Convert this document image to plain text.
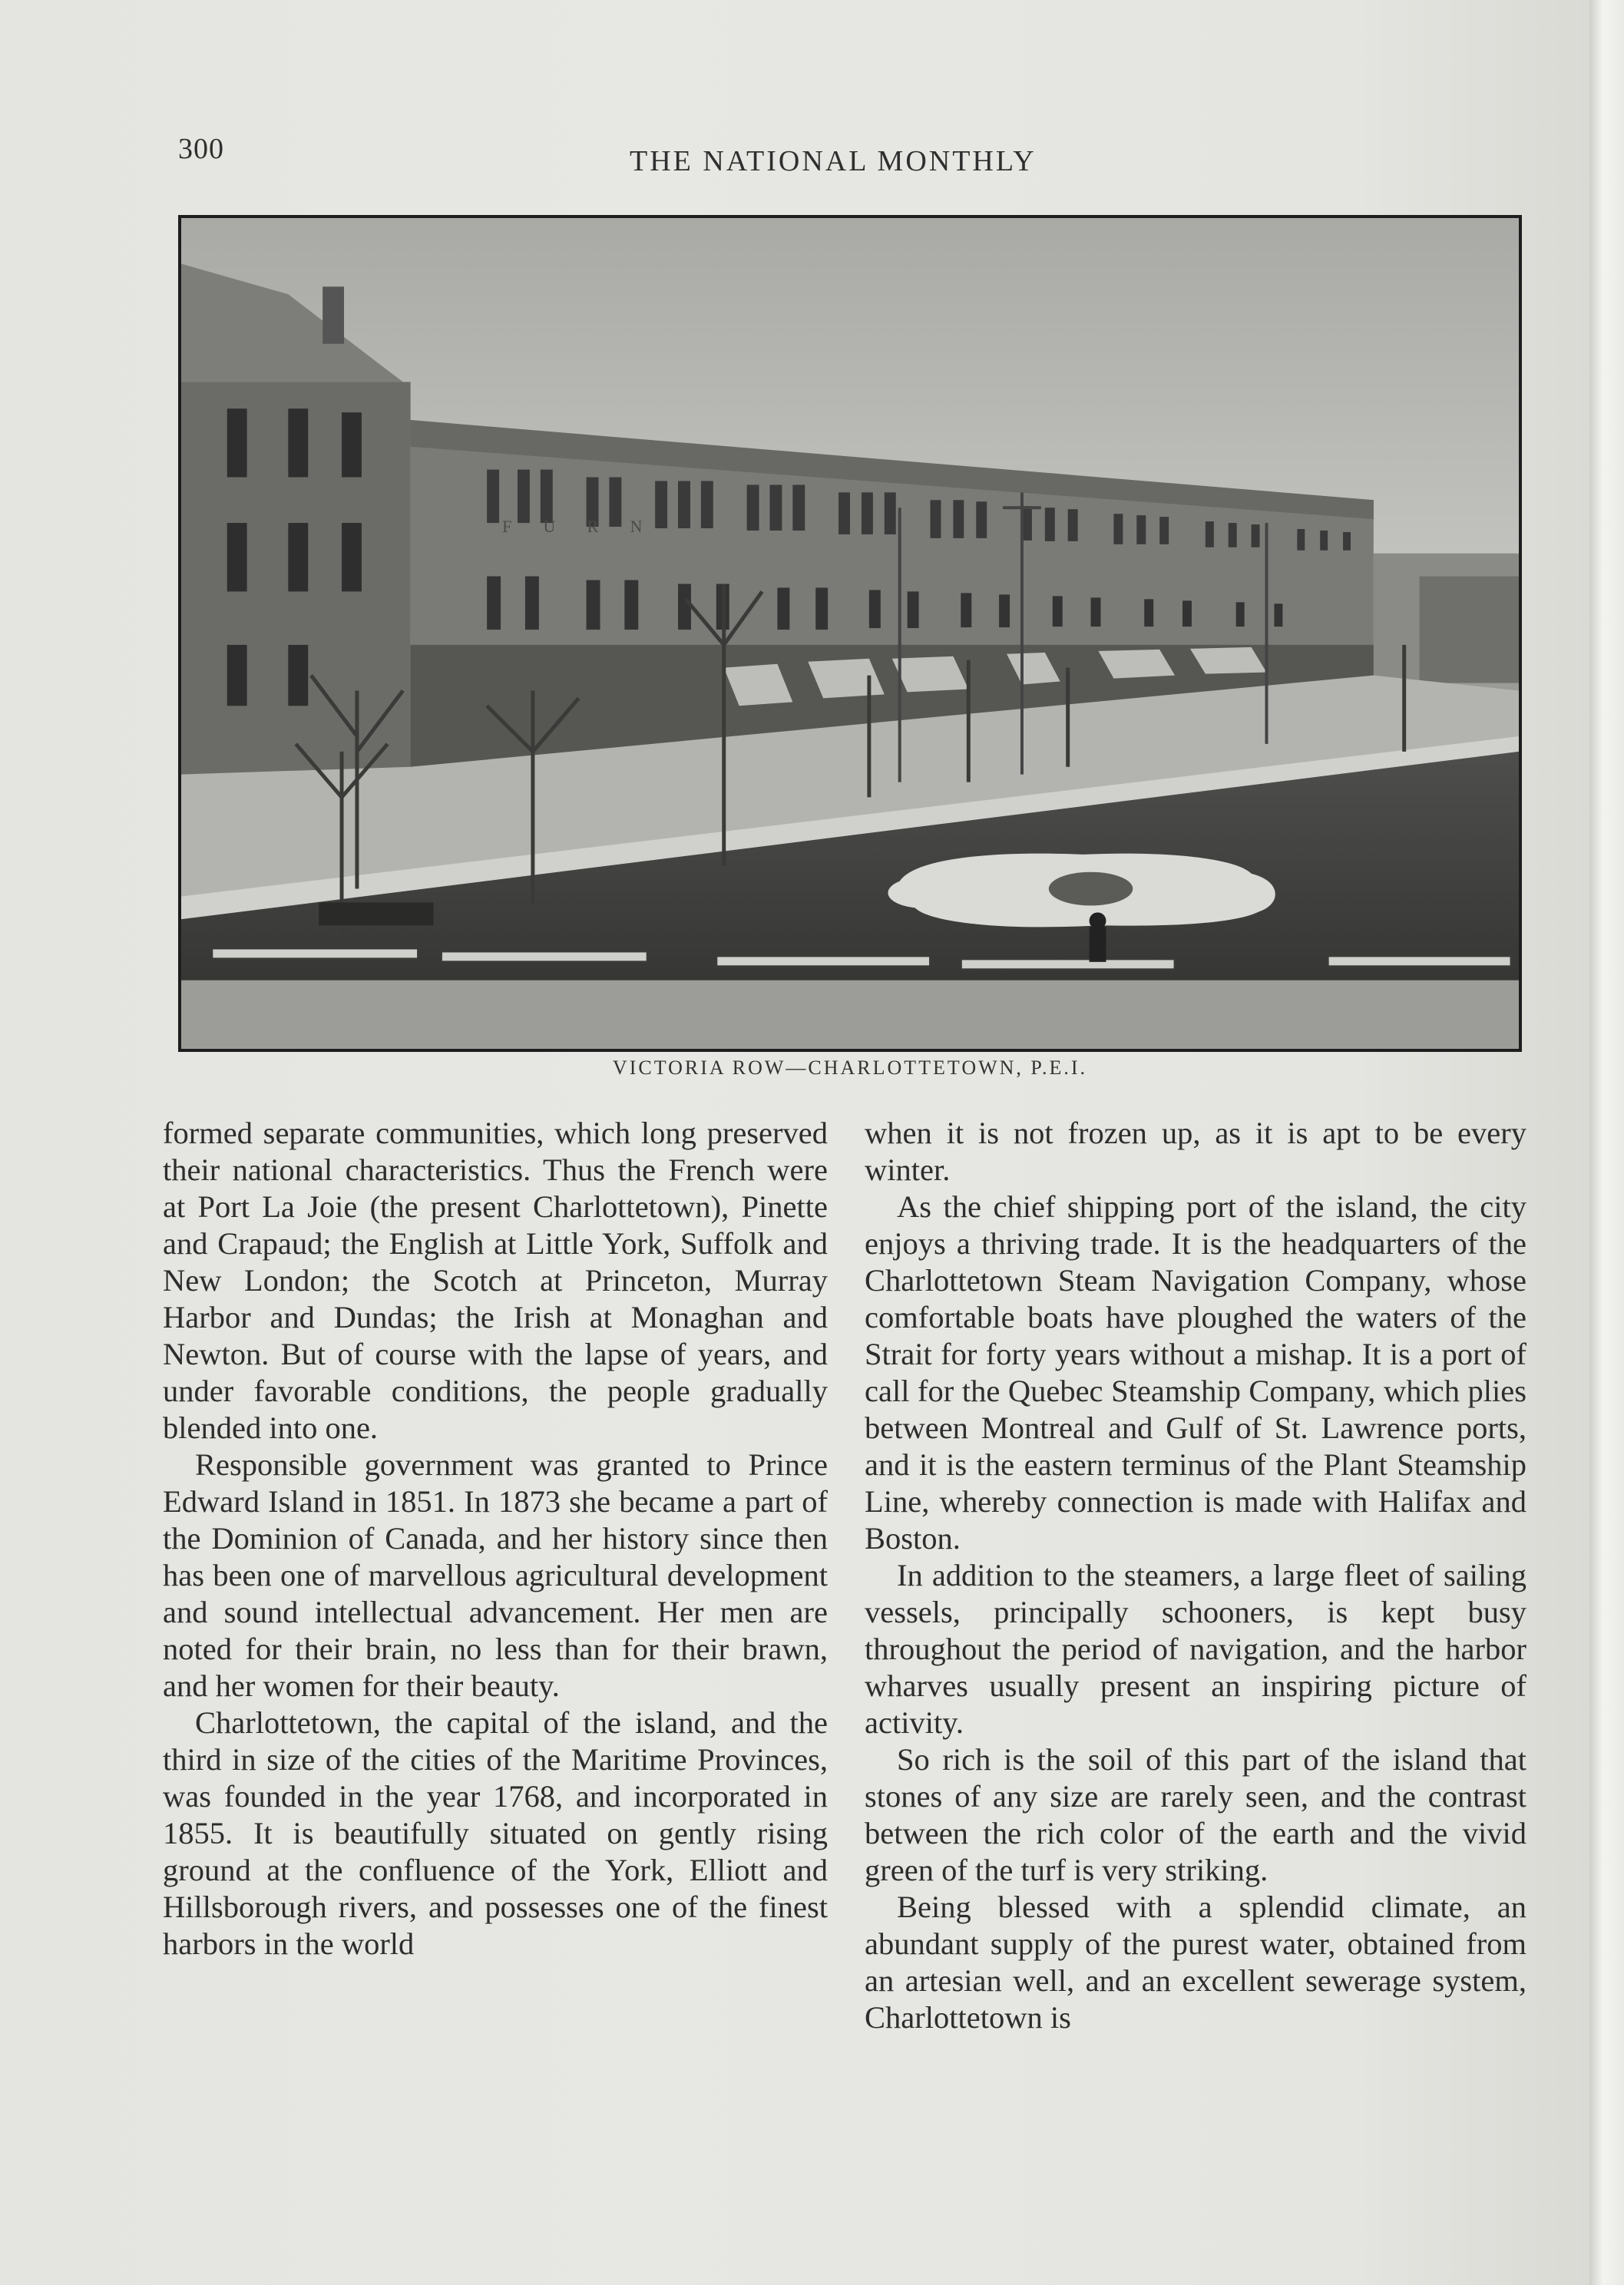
300	THE NATIONAL MONTHLY
F U R N
VICTORIA ROW—CHARLOTTETOWN, P.E.I.

formed separate communities, which long preserved their national characteristics. Thus the French were at Port La Joie (the present Charlottetown), Pinette and Crapaud; the English at Little York, Suffolk and New London; the Scotch at Princeton, Murray Harbor and Dundas; the Irish at Monaghan and Newton. But of course with the lapse of years, and under favorable conditions, the people gradually blended into one.

Responsible government was granted to Prince Edward Island in 1851. In 1873 she became a part of the Dominion of Canada, and her history since then has been one of marvellous agricultural development and sound intellectual advancement. Her men are noted for their brain, no less than for their brawn, and her women for their beauty.

Charlottetown, the capital of the island, and the third in size of the cities of the Maritime Provinces, was founded in the year 1768, and incorporated in 1855. It is beautifully situated on gently rising ground at the confluence of the York, Elliott and Hillsborough rivers, and possesses one of the finest harbors in the world

when it is not frozen up, as it is apt to be every winter.

As the chief shipping port of the island, the city enjoys a thriving trade. It is the headquarters of the Charlottetown Steam Navigation Company, whose comfortable boats have ploughed the waters of the Strait for forty years without a mishap. It is a port of call for the Quebec Steamship Company, which plies between Montreal and Gulf of St. Lawrence ports, and it is the eastern terminus of the Plant Steamship Line, whereby connection is made with Halifax and Boston.

In addition to the steamers, a large fleet of sailing vessels, principally schooners, is kept busy throughout the period of navigation, and the harbor wharves usually present an inspiring picture of activity.

So rich is the soil of this part of the island that stones of any size are rarely seen, and the contrast between the rich color of the earth and the vivid green of the turf is very striking.

Being blessed with a splendid climate, an abundant supply of the purest water, obtained from an artesian well, and an excellent sewerage system, Charlottetown is
